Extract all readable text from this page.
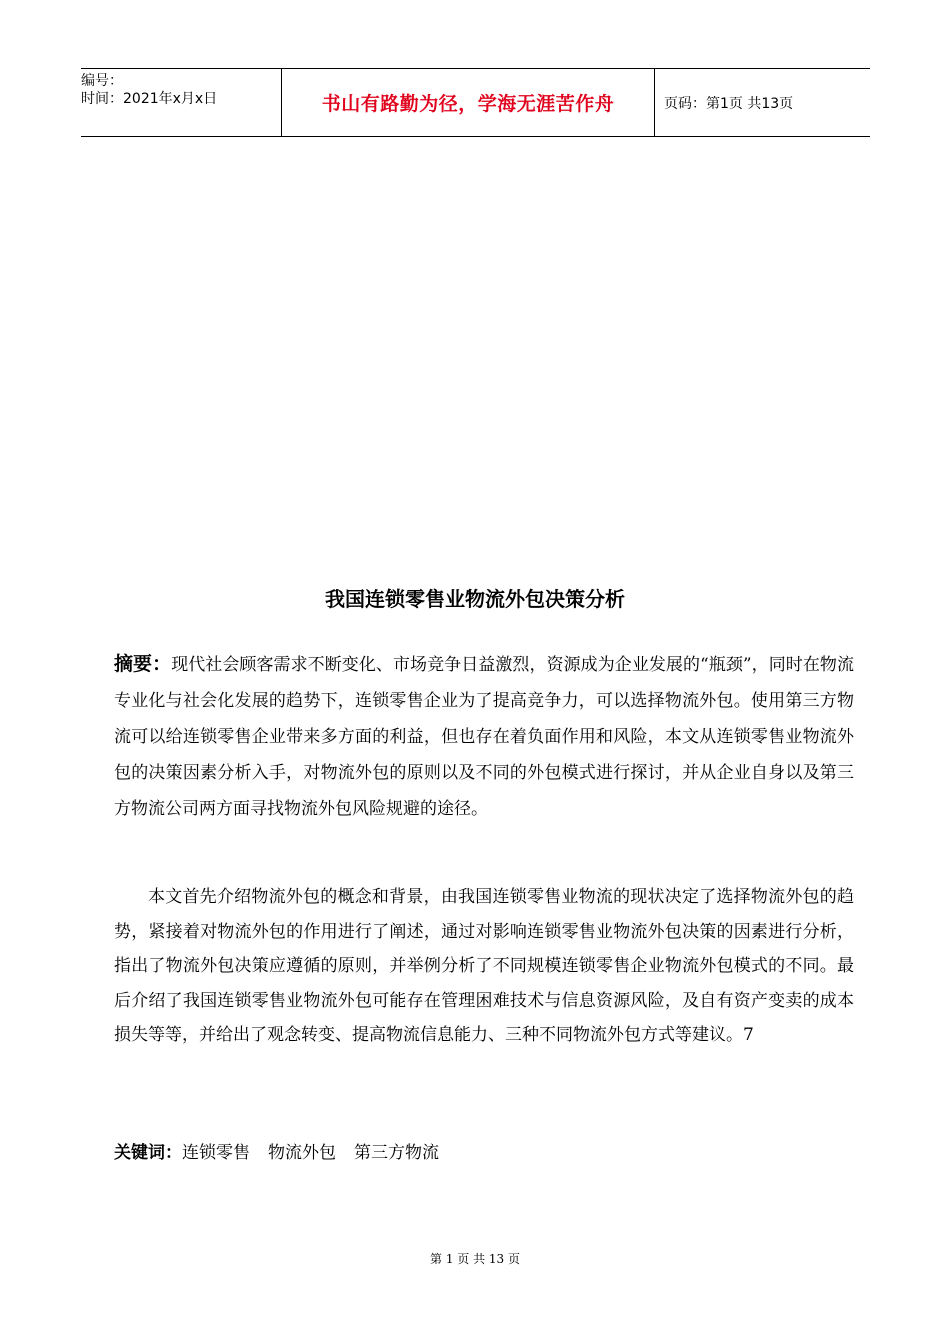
编号：
时间：2021年x月x日	书山有路勤为径，学海无涯苦作舟	页码：第1页 共13页
我国连锁零售业物流外包决策分析
摘要：现代社会顾客需求不断变化、市场竞争日益激烈，资源成为企业发展的“瓶颈”，同时在物流专业化与社会化发展的趋势下，连锁零售企业为了提高竞争力，可以选择物流外包。使用第三方物流可以给连锁零售企业带来多方面的利益，但也存在着负面作用和风险，本文从连锁零售业物流外包的决策因素分析入手，对物流外包的原则以及不同的外包模式进行探讨，并从企业自身以及第三方物流公司两方面寻找物流外包风险规避的途径。
本文首先介绍物流外包的概念和背景，由我国连锁零售业物流的现状决定了选择物流外包的趋势，紧接着对物流外包的作用进行了阐述，通过对影响连锁零售业物流外包决策的因素进行分析，指出了物流外包决策应遵循的原则，并举例分析了不同规模连锁零售企业物流外包模式的不同。最后介绍了我国连锁零售业物流外包可能存在管理困难技术与信息资源风险，及自有资产变卖的成本损失等等，并给出了观念转变、提高物流信息能力、三种不同物流外包方式等建议。7
关键词：连锁零售 物流外包 第三方物流
第 1 页 共 13 页
